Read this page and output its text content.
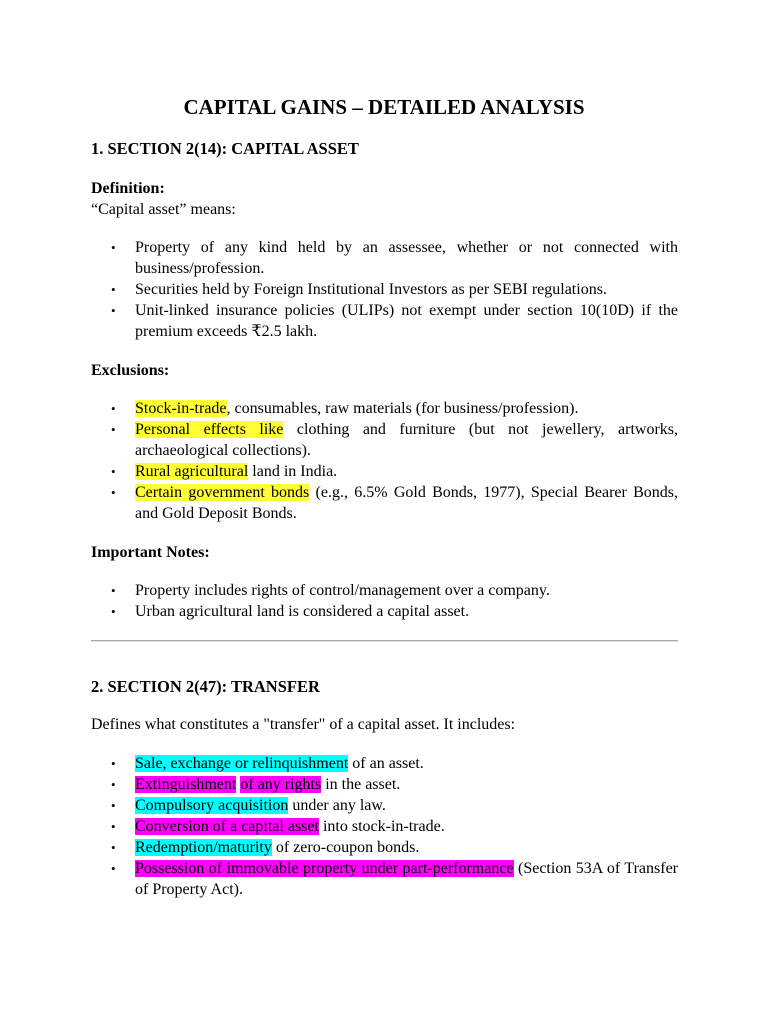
CAPITAL GAINS – DETAILED ANALYSIS
1. SECTION 2(14): CAPITAL ASSET
Definition:
“Capital asset” means:
• Property of any kind held by an assessee, whether or not connected with business/profession.
• Securities held by Foreign Institutional Investors as per SEBI regulations.
• Unit-linked insurance policies (ULIPs) not exempt under section 10(10D) if the premium exceeds ₹2.5 lakh.
Exclusions:
• Stock-in-trade, consumables, raw materials (for business/profession).
• Personal effects like clothing and furniture (but not jewellery, artworks, archaeological collections).
• Rural agricultural land in India.
• Certain government bonds (e.g., 6.5% Gold Bonds, 1977), Special Bearer Bonds, and Gold Deposit Bonds.
Important Notes:
• Property includes rights of control/management over a company.
• Urban agricultural land is considered a capital asset.
2. SECTION 2(47): TRANSFER
Defines what constitutes a "transfer" of a capital asset. It includes:
• Sale, exchange or relinquishment of an asset.
• Extinguishment of any rights in the asset.
• Compulsory acquisition under any law.
• Conversion of a capital asset into stock-in-trade.
• Redemption/maturity of zero-coupon bonds.
• Possession of immovable property under part-performance (Section 53A of Transfer of Property Act).
